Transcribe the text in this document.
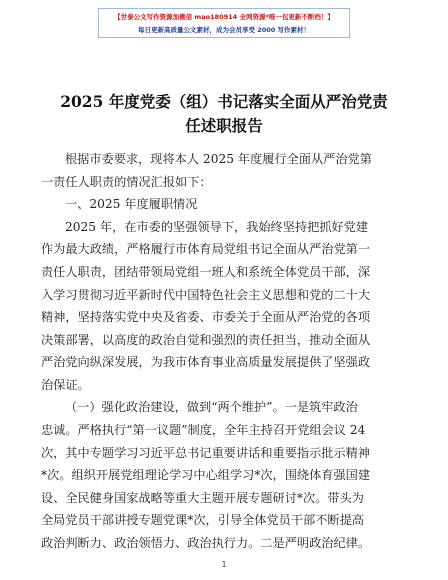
【世泰公文写作资源加微信 mao180914 全网资源*唯一包更新不断档！】
每日更新高质量公文素材，成为会员享受 2000 写作素材！
2025 年度党委（组）书记落实全面从严治党责
任述职报告
根据市委要求，现将本人 2025 年度履行全面从严治党第
一责任人职责的情况汇报如下：
一、2025 年度履职情况
2025 年，在市委的坚强领导下，我始终坚持把抓好党建
作为最大政绩，严格履行市体育局党组书记全面从严治党第一
责任人职责，团结带领局党组一班人和系统全体党员干部，深
入学习贯彻习近平新时代中国特色社会主义思想和党的二十大
精神，坚持落实党中央及省委、市委关于全面从严治党的各项
决策部署，以高度的政治自觉和强烈的责任担当，推动全面从
严治党向纵深发展，为我市体育事业高质量发展提供了坚强政
治保证。
（一）强化政治建设，做到“两个维护”。一是筑牢政治
忠诚。严格执行“第一议题”制度，全年主持召开党组会议 24
次，其中专题学习习近平总书记重要讲话和重要指示批示精神
*次。组织开展党组理论学习中心组学习*次，围绕体育强国建
设、全民健身国家战略等重大主题开展专题研讨*次。带头为
全局党员干部讲授专题党课*次，引导全体党员干部不断提高
政治判断力、政治领悟力、政治执行力。二是严明政治纪律。
1
